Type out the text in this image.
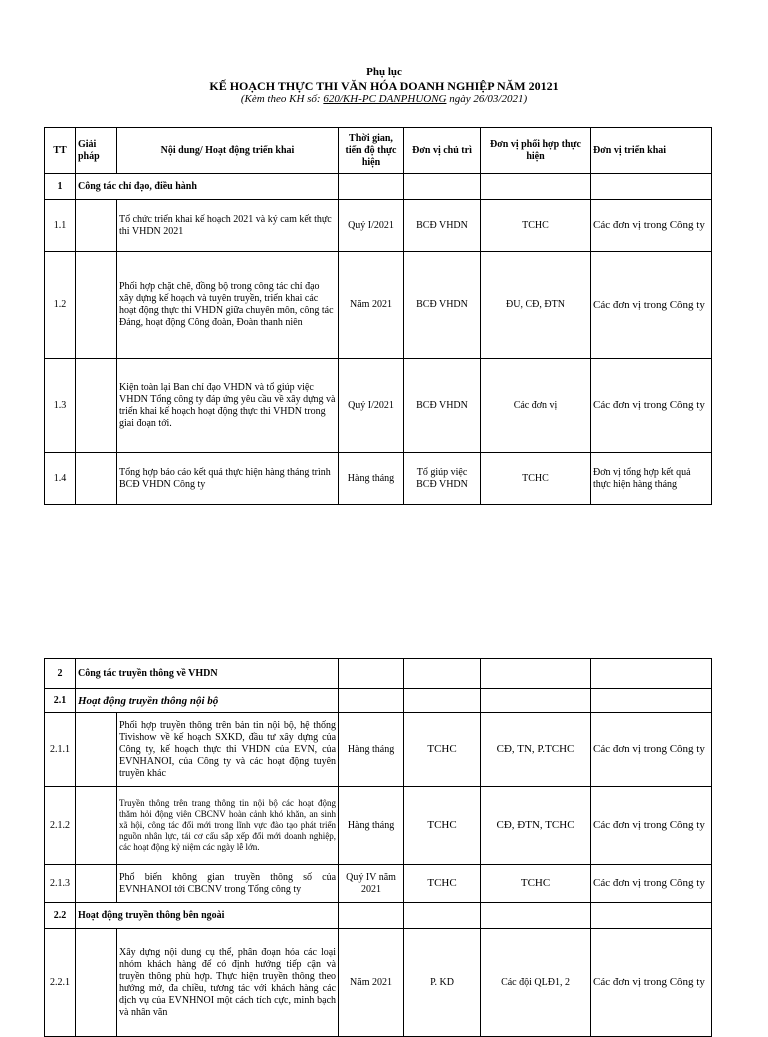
Phụ lục
KẾ HOẠCH THỰC THI VĂN HÓA DOANH NGHIỆP NĂM 20121
(Kèm theo KH số: 620/KH-PC DANPHUONG ngày 26/03/2021)
TT	Giải pháp	Nội dung/ Hoạt động triển khai	Thời gian, tiến độ thực hiện	Đơn vị chủ trì	Đơn vị phối hợp thực hiện	Đơn vị triển khai
1	Công tác chỉ đạo, điều hành					
1.1		Tổ chức triển khai kế hoạch 2021 và ký cam kết thực thi VHDN 2021	Quý I/2021	BCĐ VHDN	TCHC	Các đơn vị trong Công ty
1.2		Phối hợp chặt chẽ, đồng bộ trong công tác chỉ đạo xây dựng kế hoạch và tuyên truyền, triển khai các hoạt động thực thi VHDN giữa chuyên môn, công tác Đảng, hoạt động Công đoàn, Đoàn thanh niên	Năm 2021	BCĐ VHDN	ĐU, CĐ, ĐTN	Các đơn vị trong Công ty
1.3		Kiện toàn lại Ban chỉ đạo VHDN và tổ giúp việc VHDN Tổng công ty đáp ứng yêu cầu về xây dựng và triển khai kế hoạch hoạt động thực thi VHDN trong giai đoạn tới.	Quý I/2021	BCĐ VHDN	Các đơn vị	Các đơn vị trong Công ty
1.4		Tổng hợp báo cáo kết quả thực hiện hàng tháng trình BCĐ VHDN Công ty	Hàng tháng	Tổ giúp việc BCĐ VHDN	TCHC	Đơn vị tổng hợp kết quả thực hiện hàng tháng
2	Công tác truyền thông về VHDN					
2.1	Hoạt động truyền thông nội bộ					
2.1.1		Phối hợp truyền thông trên bản tin nội bộ, hệ thống Tivishow về kế hoạch SXKD, đầu tư xây dựng của Công ty, kế hoạch thực thi VHDN của EVN, của EVNHANOI, của Công ty và các hoạt động tuyên truyền khác	Hàng tháng	TCHC	CĐ, TN, P.TCHC	Các đơn vị trong Công ty
2.1.2		Truyền thông trên trang thông tin nội bộ các hoạt động thăm hỏi động viên CBCNV hoàn cảnh khó khăn, an sinh xã hội, công tác đổi mới trong lĩnh vực đào tạo phát triển nguồn nhân lực, tái cơ cấu sắp xếp đổi mới doanh nghiệp, các hoạt động kỷ niệm các ngày lễ lớn.	Hàng tháng	TCHC	CĐ, ĐTN, TCHC	Các đơn vị trong Công ty
2.1.3		Phổ biến không gian truyền thông số của EVNHANOI tới CBCNV trong Tổng công ty	Quý IV năm 2021	TCHC	TCHC	Các đơn vị trong Công ty
2.2	Hoạt động truyền thông bên ngoài					
2.2.1		Xây dựng nội dung cụ thể, phân đoạn hóa các loại nhóm khách hàng để có định hướng tiếp cận và truyền thông phù hợp. Thực hiện truyền thông theo hướng mở, đa chiều, tương tác với khách hàng các dịch vụ của EVNHNOI một cách tích cực, minh bạch và nhân văn	Năm 2021	P. KD	Các đội QLĐ1, 2	Các đơn vị trong Công ty
